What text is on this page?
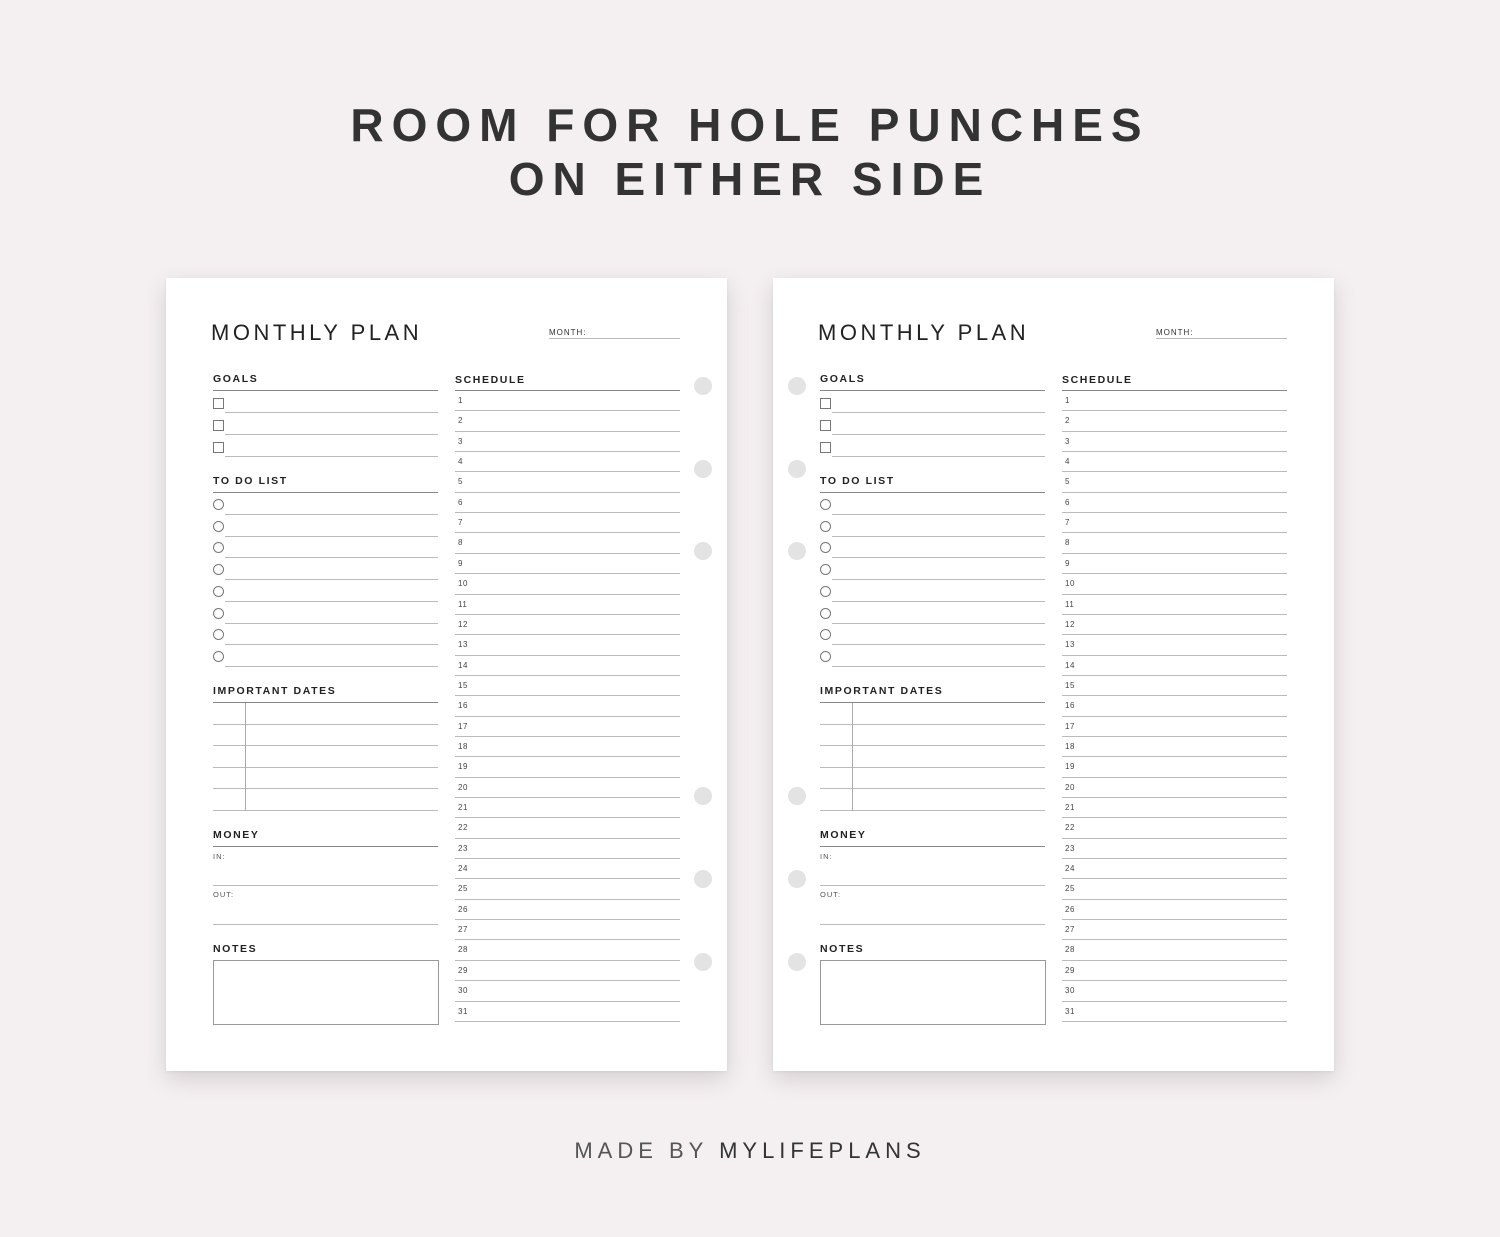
ROOM FOR HOLE PUNCHES
ON EITHER SIDE
MONTHLY PLAN	MONTH:
GOALS
TO DO LIST
IMPORTANT DATES
MONEY
IN:
OUT:
NOTES
SCHEDULE
1
2
3
4
5
6
7
8
9
10
11
12
13
14
15
16
17
18
19
20
21
22
23
24
25
26
27
28
29
30
31
MONTHLY PLAN	MONTH:
GOALS
TO DO LIST
IMPORTANT DATES
MONEY
IN:
OUT:
NOTES
SCHEDULE
1
2
3
4
5
6
7
8
9
10
11
12
13
14
15
16
17
18
19
20
21
22
23
24
25
26
27
28
29
30
31
MADE BY MYLIFEPLANS
